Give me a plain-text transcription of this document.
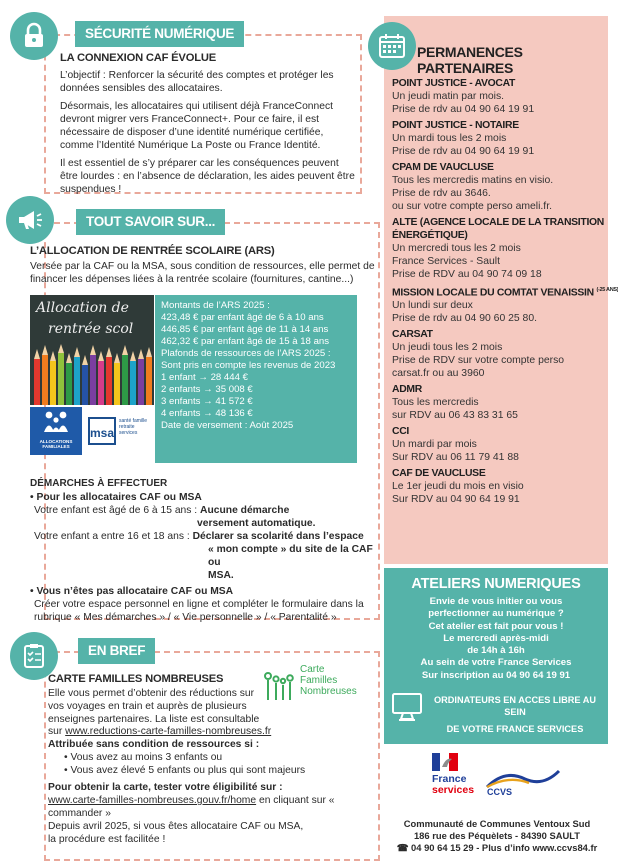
SÉCURITÉ NUMÉRIQUE
LA CONNEXION CAF ÉVOLUE

L’objectif : Renforcer la sécurité des comptes et protéger les données sensibles des allocataires.

Désormais, les allocataires qui utilisent déjà FranceConnect devront migrer vers FranceConnect+. Pour ce faire, il est nécessaire de disposer d’une identité numérique certifiée, comme l’Identité Numérique La Poste ou France Identité.

Il est essentiel de s’y préparer car les conséquences peuvent être lourdes : en l’absence de déclaration, les aides peuvent être suspendues !

TOUT SAVOIR SUR...
L’ALLOCATION DE RENTRÉE SCOLAIRE (ARS)

Versée par la CAF ou la MSA, sous condition de ressources, elle permet de financer les dépenses liées à la rentrée scolaire (fournitures, cantine...)

Allocation de
rentrée scol
ALLOCATIONS FAMILIALES
msa
santé famille retraite services
Montants de l’ARS 2025 :
423,48 € par enfant âgé de 6 à 10 ans
446,85 € par enfant âgé de 11 à 14 ans
462,32 € par enfant âgé de 15 à 18 ans
Plafonds de ressources de l’ARS 2025 :
Sont pris en compte les revenus de 2023
1 enfant → 28 444 €
2 enfants → 35 008 €
3 enfants → 41 572 €
4 enfants → 48 136 €
Date de versement : Août 2025
DÉMARCHES À EFFECTUER
• Pour les allocataires CAF ou MSA
Votre enfant est âgé de 6 à 15 ans : Aucune démarche
versement automatique.
Votre enfant a entre 16 et 18 ans : Déclarer sa scolarité dans l’espace
« mon compte » du site de la CAF ou
MSA.
• Vous n’êtes pas allocataire CAF ou MSA
Créer votre espace personnel en ligne et compléter le formulaire dans la rubrique « Mes démarches » / « Vie personnelle » / « Parentalité »
EN BREF
Carte
Familles
Nombreuses
CARTE FAMILLES NOMBREUSES

Elle vous permet d’obtenir des réductions sur vos voyages en train et auprès de plusieurs enseignes partenaires. La liste est consultable

sur www.reductions-carte-familles-nombreuses.fr
Attribuée sans condition de ressources si :
• Vous avez au moins 3 enfants ou
• Vous avez élevé 5 enfants ou plus qui sont majeurs
Pour obtenir la carte, tester votre éligibilité sur :
www.carte-familles-nombreuses.gouv.fr/home en cliquant sur «
commander »
Depuis avril 2025, si vous êtes allocataire CAF ou MSA,
la procédure est facilitée !
PERMANENCES PARTENAIRES
POINT JUSTICE - AVOCAT
Un jeudi matin par mois.
Prise de rdv au 04 90 64 19 91
POINT JUSTICE - NOTAIRE
Un mardi tous les 2 mois
Prise de rdv au 04 90 64 19 91
CPAM DE VAUCLUSE
Tous les mercredis matins en visio.
Prise de rdv au 3646.
ou sur votre compte perso ameli.fr.
ALTE (AGENCE LOCALE DE LA TRANSITION ÉNERGÉTIQUE)
Un mercredi tous les 2 mois
France Services - Sault
Prise de RDV au 04 90 74 09 18
MISSION LOCALE DU COMTAT VENAISSIN $^{(-25 ANS)}$
Un lundi sur deux
Prise de rdv au 04 90 60 25 80.
CARSAT
Un jeudi tous les 2 mois
Prise de RDV sur votre compte perso
carsat.fr ou au 3960
ADMR
Tous les mercredis
sur RDV au 06 43 83 31 65
CCI
Un mardi par mois
Sur RDV au 06 11 79 41 88
CAF DE VAUCLUSE
Le 1er jeudi du mois en visio
Sur RDV au 04 90 64 19 91
ATELIERS NUMERIQUES
Envie de vous initier ou vous
perfectionner au numérique ?
Cet atelier est fait pour vous !
Le mercredi après-midi
de 14h à 16h
Au sein de votre France Services
Sur inscription au 04 90 64 19 91
ORDINATEURS EN ACCES LIBRE AU SEIN
DE VOTRE FRANCE SERVICES
France
services CCVS
Communauté de Communes Ventoux Sud
186 rue des Péquèlets - 84390 SAULT
☎ 04 90 64 15 29 - Plus d’info www.ccvs84.fr
